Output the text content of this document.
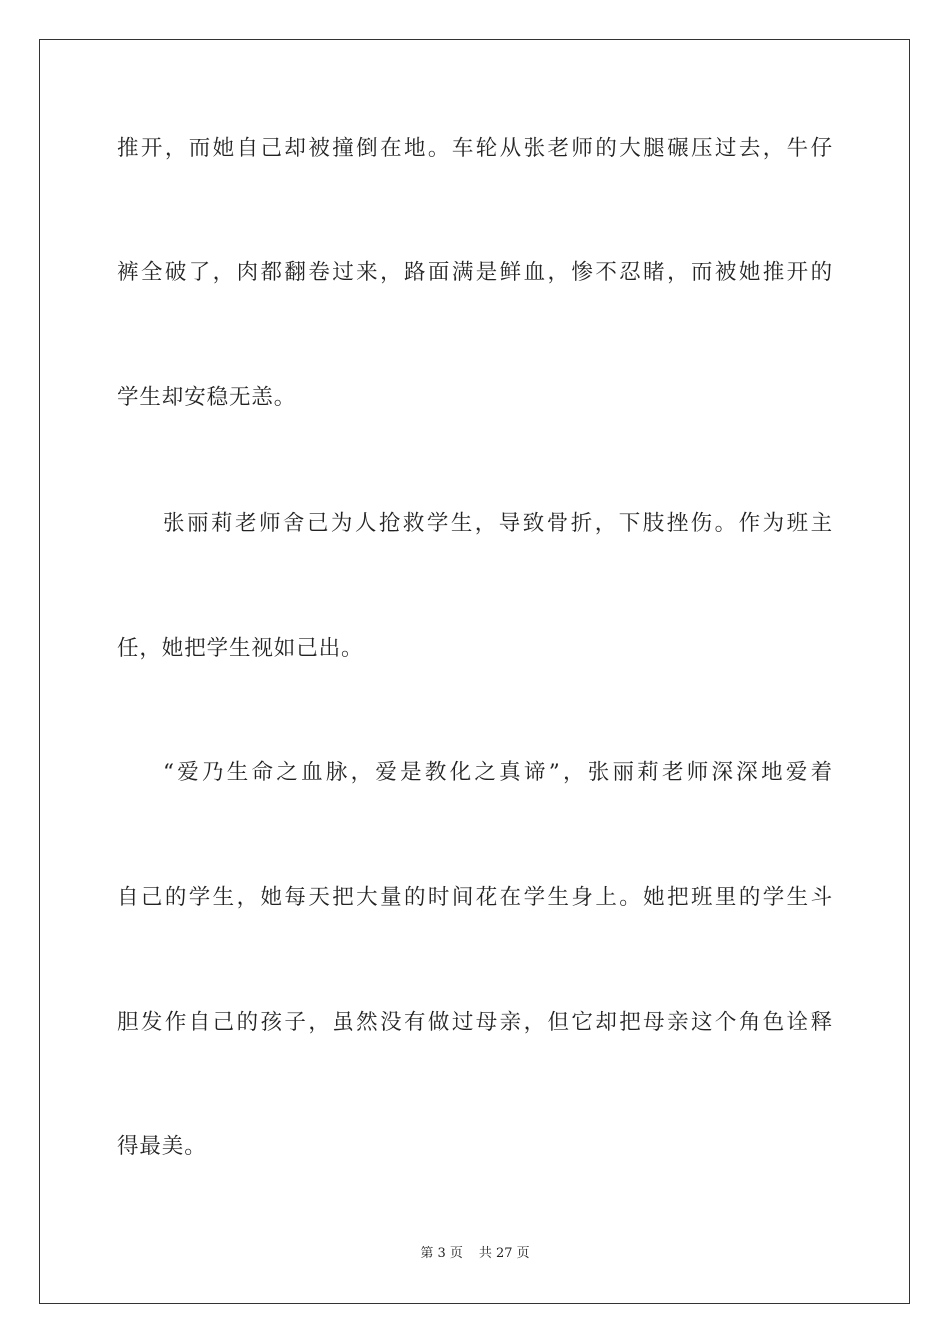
推开，而她自己却被撞倒在地。车轮从张老师的大腿碾压过去，牛仔
裤全破了，肉都翻卷过来，路面满是鲜血，惨不忍睹，而被她推开的
学生却安稳无恙。
张丽莉老师舍己为人抢救学生，导致骨折，下肢挫伤。作为班主
任，她把学生视如己出。
“爱乃生命之血脉，爱是教化之真谛”，张丽莉老师深深地爱着
自己的学生，她每天把大量的时间花在学生身上。她把班里的学生斗
胆发作自己的孩子，虽然没有做过母亲，但它却把母亲这个角色诠释
得最美。
第 3 页 共 27 页
